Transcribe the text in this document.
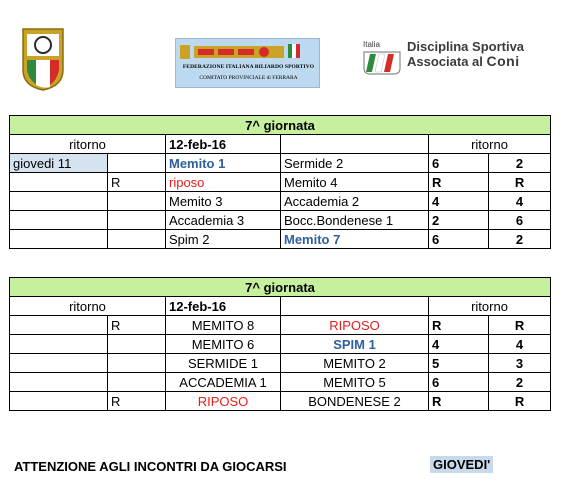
FEDERAZIONE ITALIANA BILIARDO SPORTIVO
COMITATO PROVINCIALE di FERRARA
Italia Disciplina Sportiva
Associata al Coni
7^ giornata					
ritorno		12-feb-16		ritorno	
giovedi 11		Memito 1	Sermide 2	6	2
	R	riposo	Memito 4	R	R
		Memito 3	Accademia 2	4	4
		Accademia 3	Bocc.Bondenese 1	2	6
		Spim 2	Memito 7	6	2
7^ giornata					
ritorno		12-feb-16		ritorno	
	R	MEMITO 8	RIPOSO	R	R
		MEMITO 6	SPIM 1	4	4
		SERMIDE 1	MEMITO 2	5	3
		ACCADEMIA 1	MEMITO 5	6	2
	R	RIPOSO	BONDENESE 2	R	R
ATTENZIONE AGLI INCONTRI DA GIOCARSI	GIOVEDI'
